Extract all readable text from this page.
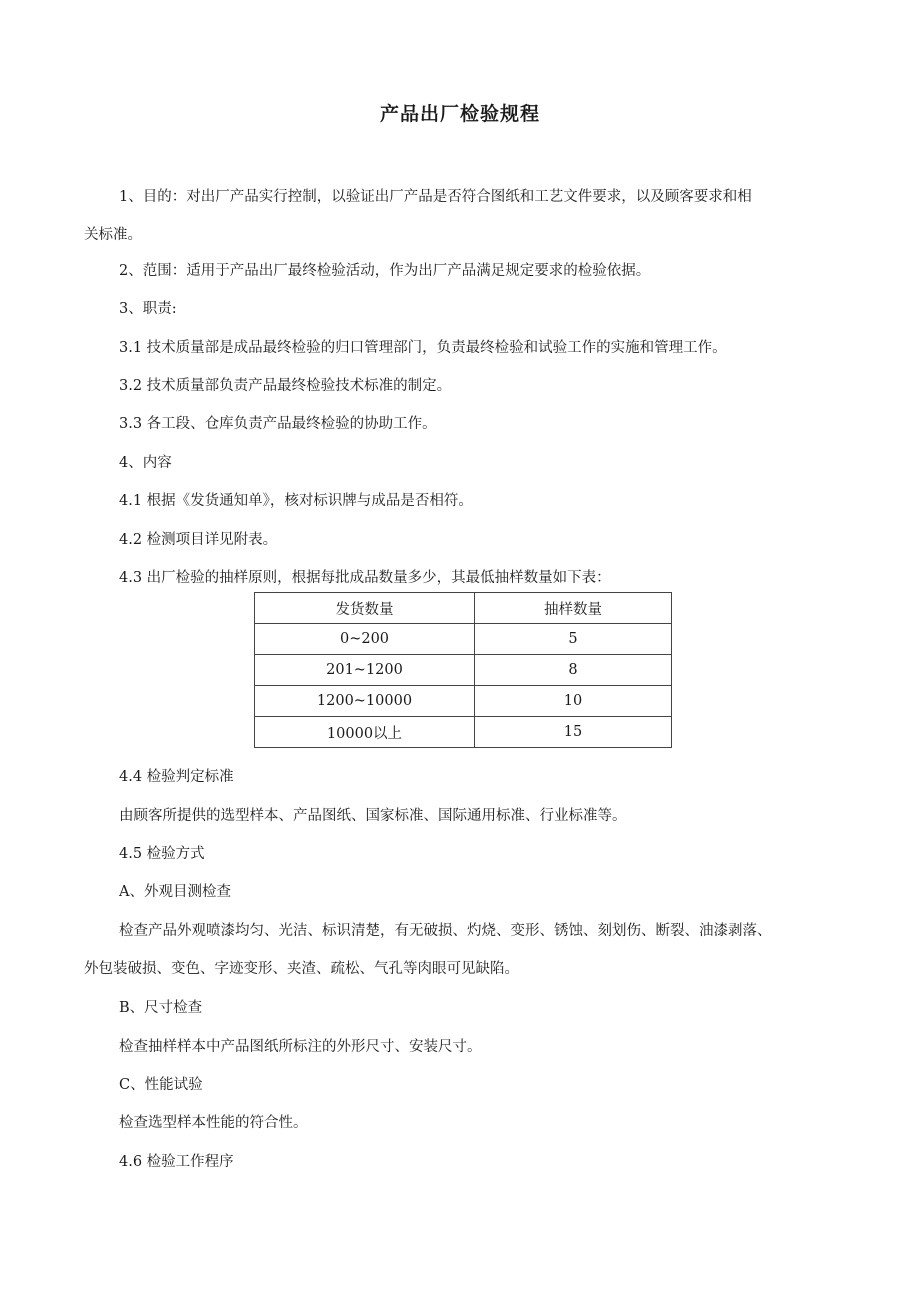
产品出厂检验规程
1、目的：对出厂产品实行控制，以验证出厂产品是否符合图纸和工艺文件要求，以及顾客要求和相
关标准。
2、范围：适用于产品出厂最终检验活动，作为出厂产品满足规定要求的检验依据。
3、职责:
3.1 技术质量部是成品最终检验的归口管理部门，负责最终检验和试验工作的实施和管理工作。
3.2 技术质量部负责产品最终检验技术标准的制定。
3.3 各工段、仓库负责产品最终检验的协助工作。
4、内容
4.1 根据《发货通知单》，核对标识牌与成品是否相符。
4.2 检测项目详见附表。
4.3 出厂检验的抽样原则，根据每批成品数量多少，其最低抽样数量如下表：
发货数量	抽样数量
0~200	5
201~1200	8
1200~10000	10
10000以上	15
4.4 检验判定标准
由顾客所提供的选型样本、产品图纸、国家标准、国际通用标准、行业标准等。
4.5 检验方式
A、外观目测检查
检查产品外观喷漆均匀、光洁、标识清楚，有无破损、灼烧、变形、锈蚀、刻划伤、断裂、油漆剥落、
外包装破损、变色、字迹变形、夹渣、疏松、气孔等肉眼可见缺陷。
B、尺寸检查
检查抽样样本中产品图纸所标注的外形尺寸、安装尺寸。
C、性能试验
检查选型样本性能的符合性。
4.6 检验工作程序
